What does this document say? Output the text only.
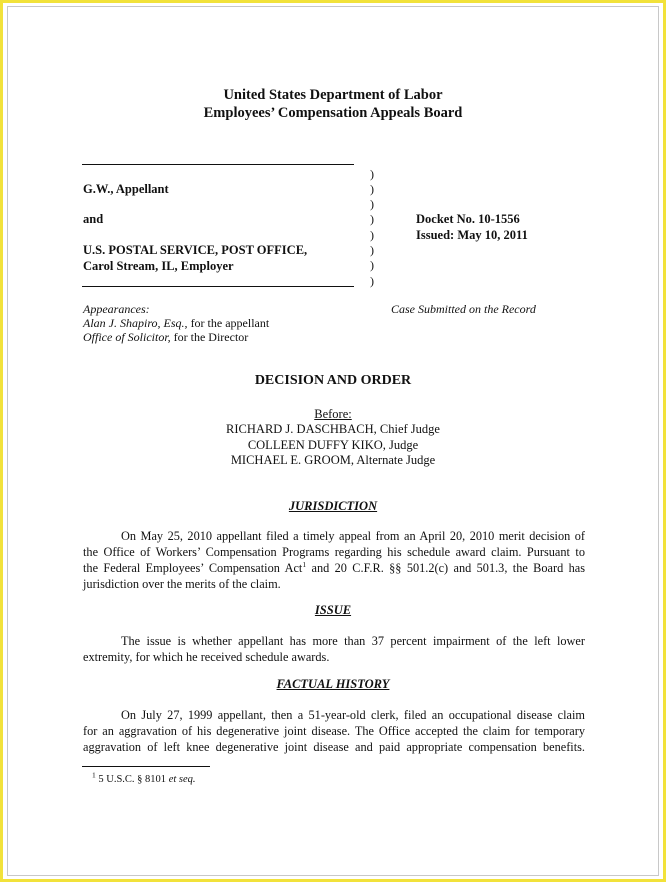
United States Department of Labor
Employees’ Compensation Appeals Board
G.W., Appellant
and
U.S. POSTAL SERVICE, POST OFFICE,
Carol Stream, IL, Employer
)
)
)
)
)
)
)
)
Docket No. 10-1556
Issued: May 10, 2011
Appearances:
Alan J. Shapiro, Esq., for the appellant
Office of Solicitor, for the Director
Case Submitted on the Record
DECISION AND ORDER
Before:
RICHARD J. DASCHBACH, Chief Judge
COLLEEN DUFFY KIKO, Judge
MICHAEL E. GROOM, Alternate Judge
JURISDICTION
On May 25, 2010 appellant filed a timely appeal from an April 20, 2010 merit decision of
the Office of Workers’ Compensation Programs regarding his schedule award claim. Pursuant to
the Federal Employees’ Compensation Act$^1$ and 20 C.F.R. §§ 501.2(c) and 501.3, the Board has
jurisdiction over the merits of the claim.
ISSUE
The issue is whether appellant has more than 37 percent impairment of the left lower
extremity, for which he received schedule awards.
FACTUAL HISTORY
On July 27, 1999 appellant, then a 51-year-old clerk, filed an occupational disease claim
for an aggravation of his degenerative joint disease. The Office accepted the claim for temporary
aggravation of left knee degenerative joint disease and paid appropriate compensation benefits.
$^1$ 5 U.S.C. § 8101 et seq.
